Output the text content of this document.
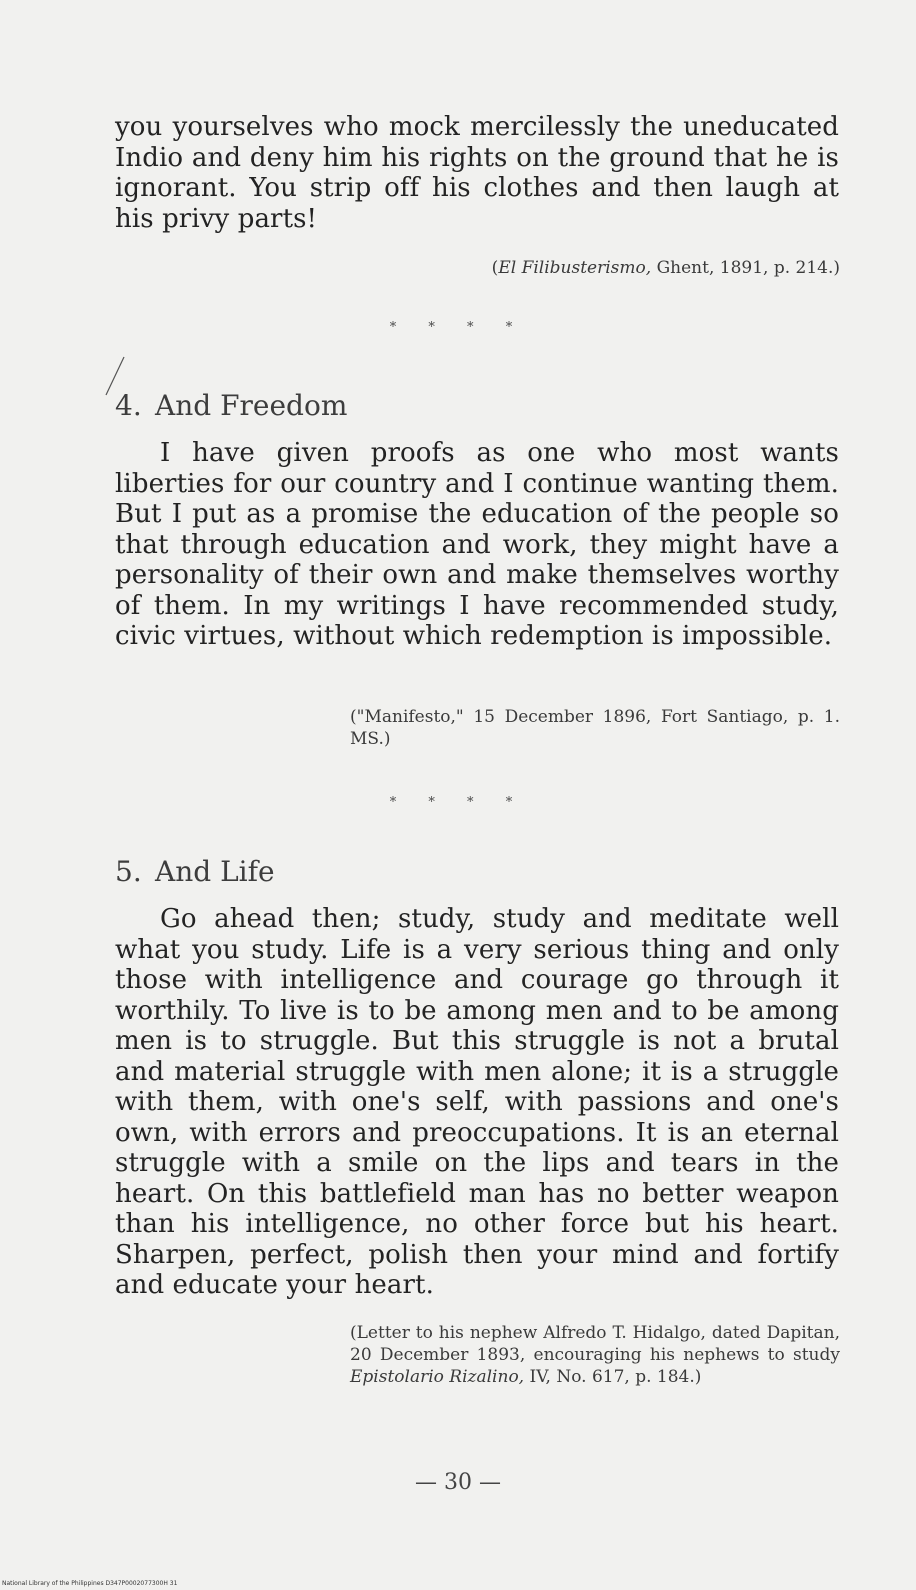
you yourselves who mock mercilessly the uneducated Indio and deny him his rights on the ground that he is ignorant. You strip off his clothes and then laugh at his privy parts!

(El Filibusterismo, Ghent, 1891, p. 214.)

* * * *

4. And Freedom

I have given proofs as one who most wants liberties for our country and I continue wanting them. But I put as a promise the education of the people so that through education and work, they might have a personality of their own and make themselves worthy of them. In my writings I have recommended study, civic virtues, without which redemption is impossible.

("Manifesto," 15 December 1896, Fort Santiago, p. 1. MS.)

* * * *

5. And Life

Go ahead then; study, study and meditate well what you study. Life is a very serious thing and only those with intelligence and courage go through it worthily. To live is to be among men and to be among men is to struggle. But this struggle is not a brutal and material struggle with men alone; it is a struggle with them, with one's self, with passions and one's own, with errors and preoccupations. It is an eternal struggle with a smile on the lips and tears in the heart. On this battlefield man has no better weapon than his intelligence, no other force but his heart. Sharpen, perfect, polish then your mind and fortify and educate your heart.

(Letter to his nephew Alfredo T. Hidalgo, dated Dapitan, 20 December 1893, encouraging his nephews to study Epistolario Rizalino, IV, No. 617, p. 184.)

— 30 —

National Library of the Philippines D347P0002077300H 31
